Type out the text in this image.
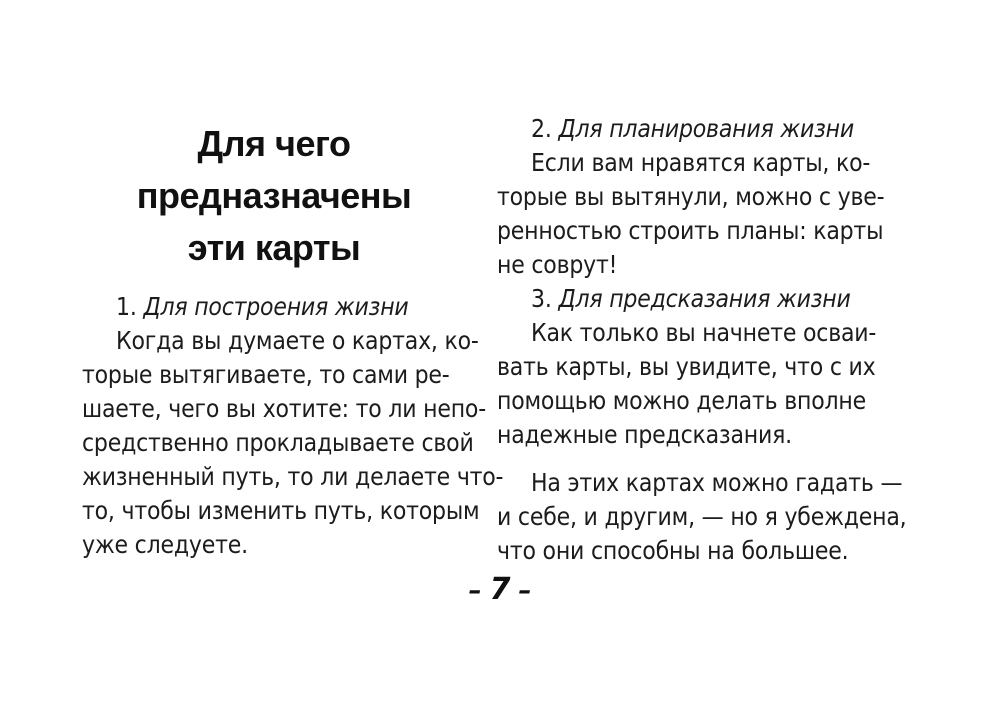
Для чего
предназначены
эти карты

1. Для построения жизни

Когда вы думаете о картах, ко-
торые вытягиваете, то сами ре-
шаете, чего вы хотите: то ли непо-
средственно прокладываете свой
жизненный путь, то ли делаете что-
то, чтобы изменить путь, которым
уже следуете.

2. Для планирования жизни

Если вам нравятся карты, ко-
торые вы вытянули, можно с уве-
ренностью строить планы: карты
не соврут!

3. Для предсказания жизни

Как только вы начнете осваи-
вать карты, вы увидите, что с их
помощью можно делать вполне
надежные предсказания.

На этих картах можно гадать —
и себе, и другим, — но я убеждена,
что они способны на большее.

– 7 –
